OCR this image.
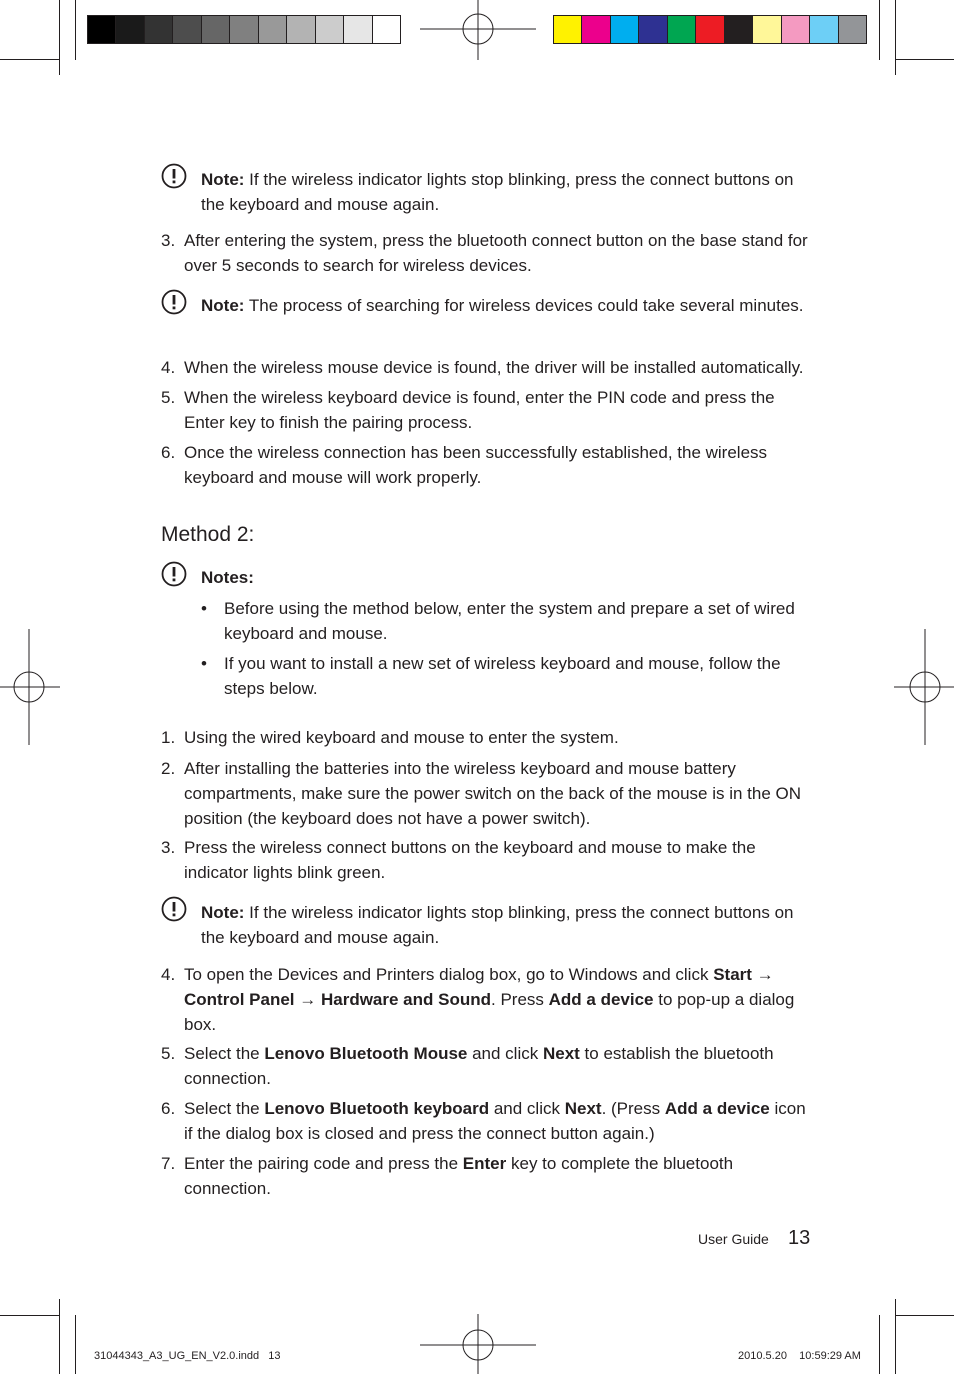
Note: If the wireless indicator lights stop blinking, press the connect buttons on the keyboard and mouse again.
3. After entering the system, press the bluetooth connect button on the base stand for over 5 seconds to search for wireless devices.
Note: The process of searching for wireless devices could take several minutes.
4. When the wireless mouse device is found, the driver will be installed automatically.
5. When the wireless keyboard device is found, enter the PIN code and press the Enter key to finish the pairing process.
6. Once the wireless connection has been successfully established, the wireless keyboard and mouse will work properly.
Method 2:
Notes:
• Before using the method below, enter the system and prepare a set of wired keyboard and mouse.
• If you want to install a new set of wireless keyboard and mouse, follow the steps below.
1. Using the wired keyboard and mouse to enter the system.
2. After installing the batteries into the wireless keyboard and mouse battery compartments, make sure the power switch on the back of the mouse is in the ON position (the keyboard does not have a power switch).
3. Press the wireless connect buttons on the keyboard and mouse to make the indicator lights blink green.
Note: If the wireless indicator lights stop blinking, press the connect buttons on the keyboard and mouse again.
4. To open the Devices and Printers dialog box, go to Windows and click Start → Control Panel → Hardware and Sound. Press Add a device to pop-up a dialog box.
5. Select the Lenovo Bluetooth Mouse and click Next to establish the bluetooth connection.
6. Select the Lenovo Bluetooth keyboard and click Next. (Press Add a device icon if the dialog box is closed and press the connect button again.)
7. Enter the pairing code and press the Enter key to complete the bluetooth connection.
User Guide 13
31044343_A3_UG_EN_V2.0.indd   13	2010.5.20    10:59:29 AM
